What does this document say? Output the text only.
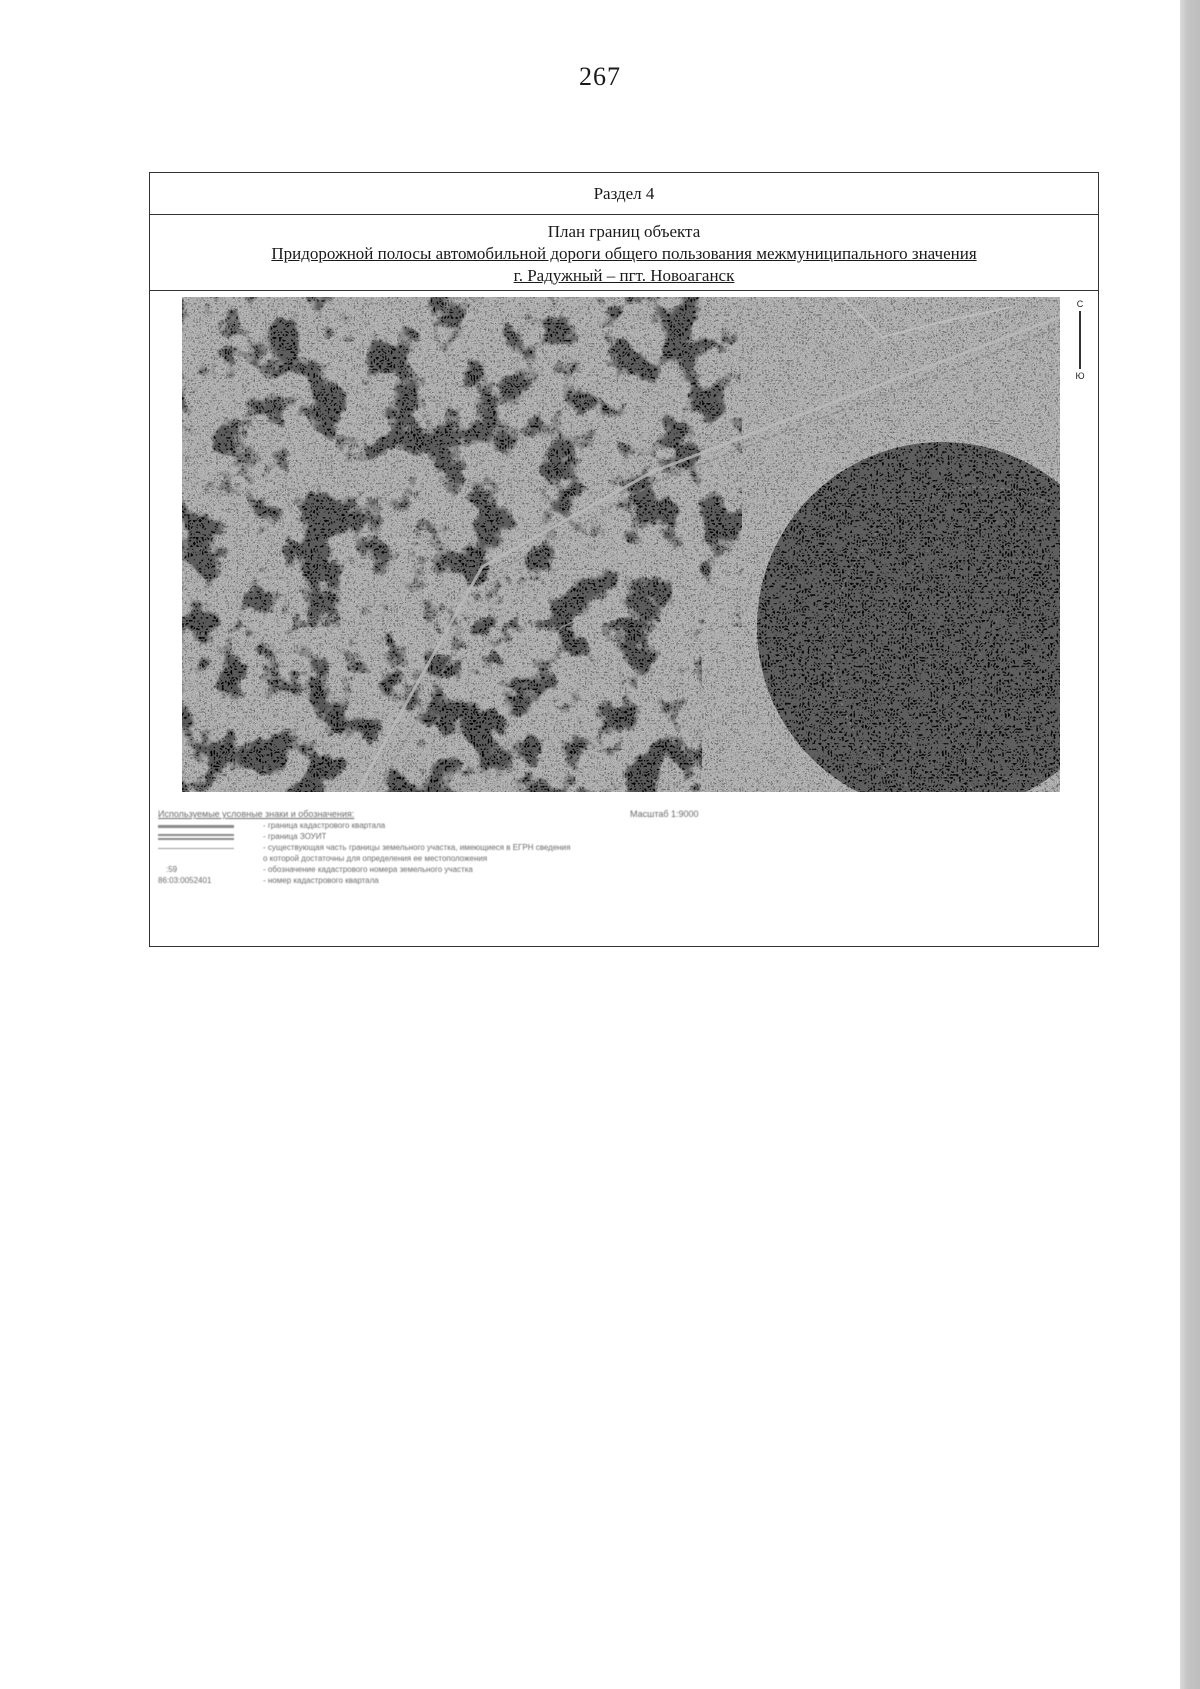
267
Раздел 4
План границ объекта
Придорожной полосы автомобильной дороги общего пользования межмуниципального значения
г. Радужный – пгт. Новоаганск
С
Ю
Используемые условные знаки и обозначения:	Масштаб 1:9000
- граница кадастрового квартала
- граница ЗОУИТ
- существующая часть границы земельного участка, имеющиеся в ЕГРН сведения
о которой достаточны для определения ее местоположения
:59	- обозначение кадастрового номера земельного участка
86:03:0052401	- номер кадастрового квартала
